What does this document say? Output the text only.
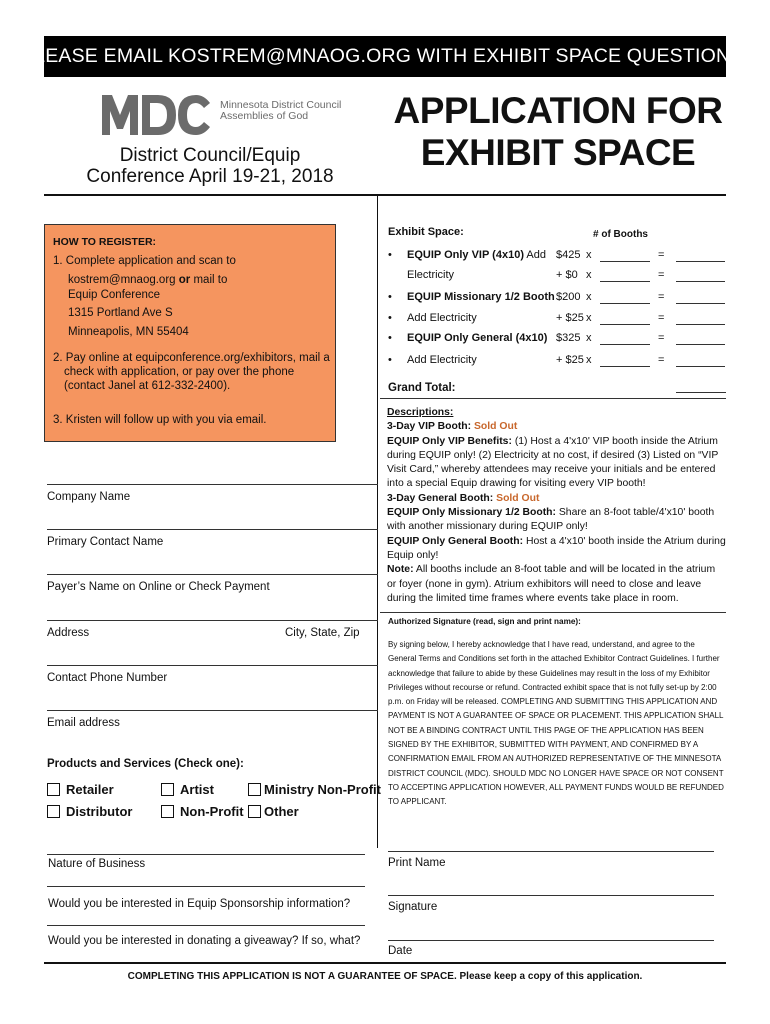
PLEASE EMAIL KOSTREM@MNAOG.ORG WITH EXHIBIT SPACE QUESTIONS.
Minnesota District Council
Assemblies of God	APPLICATION FOR
EXHIBIT SPACE
District Council/Equip
Conference April 19-21, 2018
HOW TO REGISTER:
1. Complete application and scan to
kostrem@mnaog.org or mail to
Equip Conference
1315 Portland Ave S
Minneapolis, MN 55404
2. Pay online at equipconference.org/exhibitors, mail a
check with application, or pay over the phone
(contact Janel at 612-332-2400).
3. Kristen will follow up with you via email.
Company Name
Primary Contact Name
Payer’s Name on Online or Check Payment
Address	City, State, Zip
Contact Phone Number
Email address
Products and Services (Check one):
Retailer	Artist	Ministry Non-Profit
Distributor	Non-Profit	Other
Nature of Business
Would you be interested in Equip Sponsorship information?
Would you be interested in donating a giveaway? If so, what?
Exhibit Space:	# of Booths
• EQUIP Only VIP (4x10) Add $425 x	=
Electricity	+ $0 x	=
• EQUIP Missionary 1/2 Booth $200 x	=
• Add Electricity	+ $25 x	=
• EQUIP Only General (4x10) $325 x	=
• Add Electricity	+ $25 x	=
Grand Total:
Descriptions:
3-Day VIP Booth: Sold Out
EQUIP Only VIP Benefits: (1) Host a 4'x10' VIP booth inside the Atrium during EQUIP only! (2) Electricity at no cost, if desired (3) Listed on “VIP Visit Card,” whereby attendees may receive your initials and be entered into a special Equip drawing for visiting every VIP booth!
3-Day General Booth: Sold Out
EQUIP Only Missionary 1/2 Booth: Share an 8-foot table/4'x10' booth with another missionary during EQUIP only!
EQUIP Only General Booth: Host a 4'x10' booth inside the Atrium during Equip only!
Note: All booths include an 8-foot table and will be located in the atrium or foyer (none in gym). Atrium exhibitors will need to close and leave during the limited time frames where events take place in room.
Authorized Signature (read, sign and print name):
By signing below, I hereby acknowledge that I have read, understand, and agree to the General Terms and Conditions set forth in the attached Exhibitor Contract Guidelines. I further acknowledge that failure to abide by these Guidelines may result in the loss of my Exhibitor Privileges without recourse or refund. Contracted exhibit space that is not fully set-up by 2:00 p.m. on Friday will be released. COMPLETING AND SUBMITTING THIS APPLICATION AND PAYMENT IS NOT A GUARANTEE OF SPACE OR PLACEMENT. THIS APPLICATION SHALL NOT BE A BINDING CONTRACT UNTIL THIS PAGE OF THE APPLICATION HAS BEEN SIGNED BY THE EXHIBITOR, SUBMITTED WITH PAYMENT, AND CONFIRMED BY A CONFIRMATION EMAIL FROM AN AUTHORIZED REPRESENTATIVE OF THE MINNESOTA DISTRICT COUNCIL (MDC). SHOULD MDC NO LONGER HAVE SPACE OR NOT CONSENT TO ACCEPTING APPLICATION HOWEVER, ALL PAYMENT FUNDS WOULD BE REFUNDED TO APPLICANT.
Print Name
Signature
Date
COMPLETING THIS APPLICATION IS NOT A GUARANTEE OF SPACE. Please keep a copy of this application.
